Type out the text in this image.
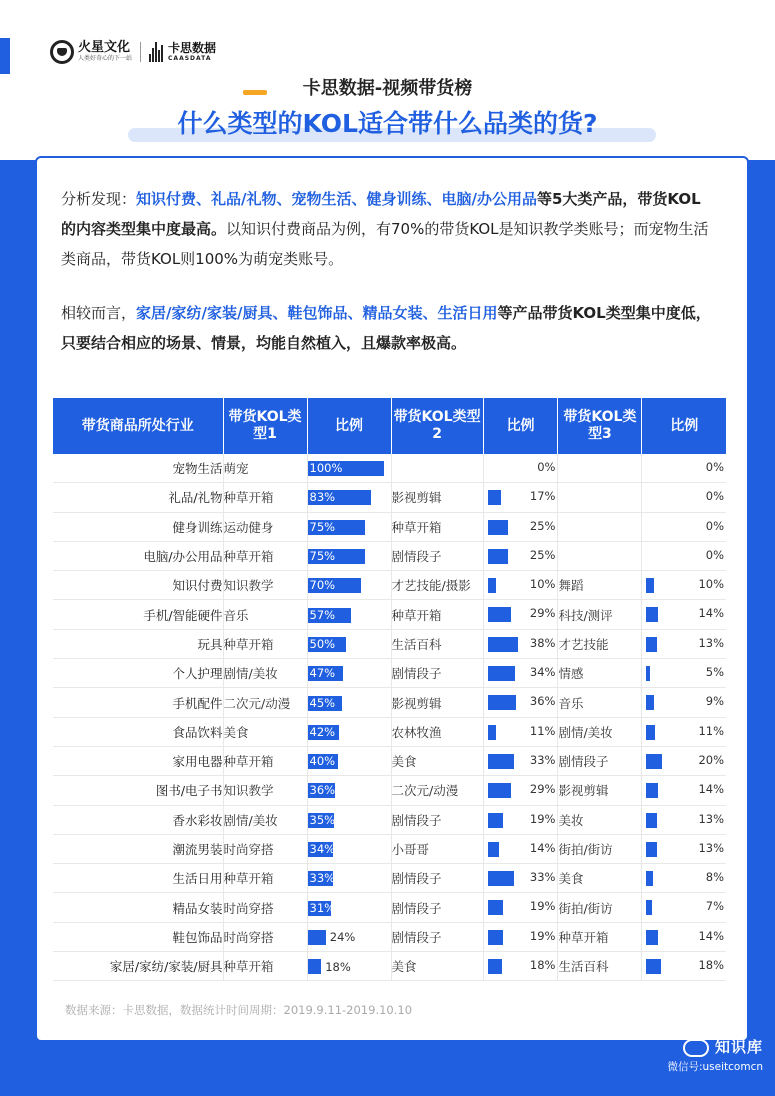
火星文化
人类好奇心的下一站
卡思数据
CAASDATA
卡思数据-视频带货榜
什么类型的KOL适合带什么品类的货?
分析发现：知识付费、礼品/礼物、宠物生活、健身训练、电脑/办公用品等5大类产品，带货KOL的内容类型集中度最高。以知识付费商品为例，有70%的带货KOL是知识教学类账号；而宠物生活类商品，带货KOL则100%为萌宠类账号。
相较而言，家居/家纺/家装/厨具、鞋包饰品、精品女装、生活日用等产品带货KOL类型集中度低，只要结合相应的场景、情景，均能自然植入，且爆款率极高。
带货商品所处行业	带货KOL类型1	比例	带货KOL类型2	比例	带货KOL类型3	比例
宠物生活	萌宠	100%		0%		0%

礼品/礼物	种草开箱	83%	影视剪辑	17%		0%

健身训练	运动健身	75%	种草开箱	25%		0%

电脑/办公用品	种草开箱	75%	剧情段子	25%		0%

知识付费	知识教学	70%	才艺技能/摄影	10%	舞蹈	10%

手机/智能硬件	音乐	57%	种草开箱	29%	科技/测评	14%

玩具	种草开箱	50%	生活百科	38%	才艺技能	13%

个人护理	剧情/美妆	47%	剧情段子	34%	情感	5%

手机配件	二次元/动漫	45%	影视剪辑	36%	音乐	9%

食品饮料	美食	42%	农林牧渔	11%	剧情/美妆	11%

家用电器	种草开箱	40%	美食	33%	剧情段子	20%

图书/电子书	知识教学	36%	二次元/动漫	29%	影视剪辑	14%

香水彩妆	剧情/美妆	35%	剧情段子	19%	美妆	13%

潮流男装	时尚穿搭	34%	小哥哥	14%	街拍/街访	13%

生活日用	种草开箱	33%	剧情段子	33%	美食	8%

精品女装	时尚穿搭	31%	剧情段子	19%	街拍/街访	7%

鞋包饰品	时尚穿搭	24%	剧情段子	19%	种草开箱	14%

家居/家纺/家装/厨具	种草开箱	18%	美食	18%	生活百科	18%
数据来源：卡思数据，数据统计时间周期：2019.9.11-2019.10.10
知识库
微信号:useitcomcn
